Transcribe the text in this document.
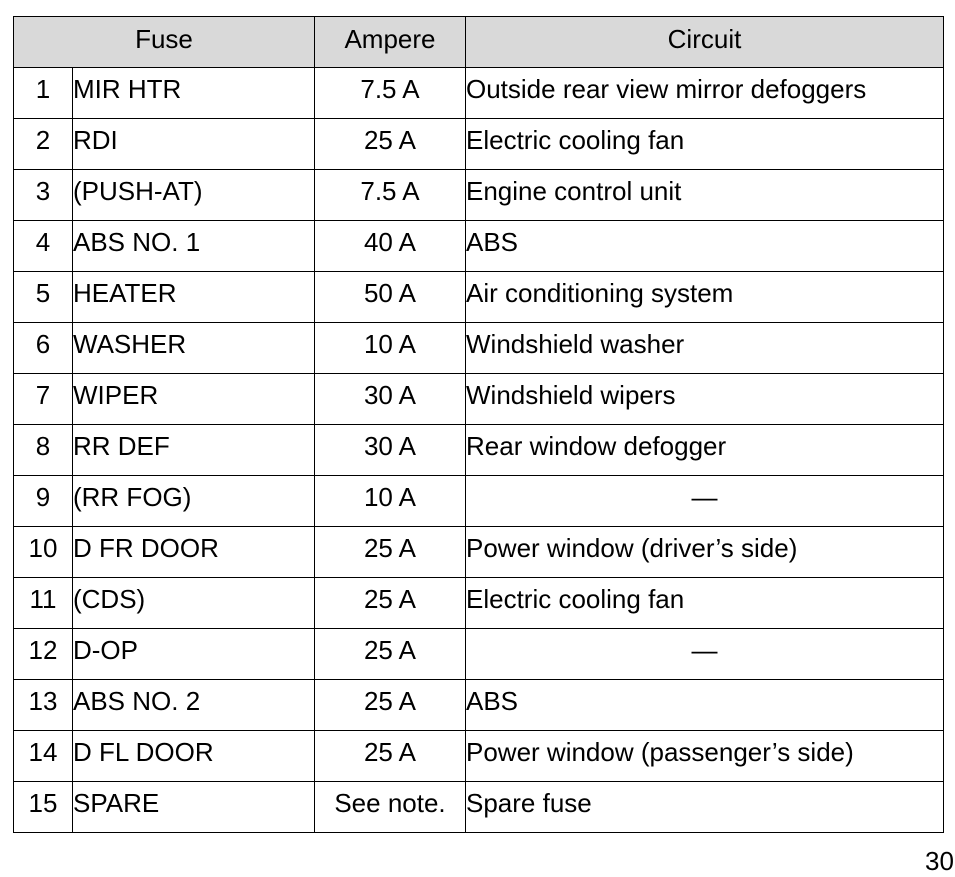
Fuse		Ampere	Circuit
1	MIR HTR	7.5 A	Outside rear view mirror defoggers
2	RDI	25 A	Electric cooling fan
3	(PUSH-AT)	7.5 A	Engine control unit
4	ABS NO. 1	40 A	ABS
5	HEATER	50 A	Air conditioning system
6	WASHER	10 A	Windshield washer
7	WIPER	30 A	Windshield wipers
8	RR DEF	30 A	Rear window defogger
9	(RR FOG)	10 A	—
10	D FR DOOR	25 A	Power window (driver’s side)
11	(CDS)	25 A	Electric cooling fan
12	D-OP	25 A	—
13	ABS NO. 2	25 A	ABS
14	D FL DOOR	25 A	Power window (passenger’s side)
15	SPARE	See note.	Spare fuse
30
